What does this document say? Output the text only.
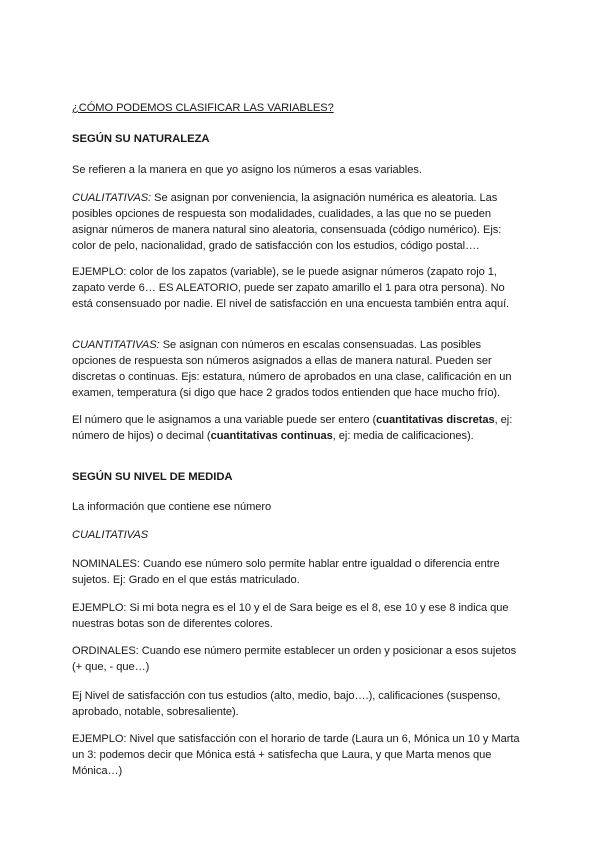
¿CÓMO PODEMOS CLASIFICAR LAS VARIABLES?
SEGÚN SU NATURALEZA
Se refieren a la manera en que yo asigno los números a esas variables.
CUALITATIVAS: Se asignan por conveniencia, la asignación numérica es aleatoria. Las
posibles opciones de respuesta son modalidades, cualidades, a las que no se pueden
asignar números de manera natural sino aleatoria, consensuada (código numérico). Ejs:
color de pelo, nacionalidad, grado de satisfacción con los estudios, código postal….
EJEMPLO: color de los zapatos (variable), se le puede asignar números (zapato rojo 1,
zapato verde 6… ES ALEATORIO, puede ser zapato amarillo el 1 para otra persona). No
está consensuado por nadie. El nivel de satisfacción en una encuesta también entra aquí.
CUANTITATIVAS: Se asignan con números en escalas consensuadas. Las posibles
opciones de respuesta son números asignados a ellas de manera natural. Pueden ser
discretas o continuas. Ejs: estatura, número de aprobados en una clase, calificación en un
examen, temperatura (si digo que hace 2 grados todos entienden que hace mucho frío).
El número que le asignamos a una variable puede ser entero (cuantitativas discretas, ej:
número de hijos) o decimal (cuantitativas continuas, ej: media de calificaciones).
SEGÚN SU NIVEL DE MEDIDA
La información que contiene ese número
CUALITATIVAS
NOMINALES: Cuando ese número solo permite hablar entre igualdad o diferencia entre
sujetos. Ej: Grado en el que estás matriculado.
EJEMPLO: Si mi bota negra es el 10 y el de Sara beige es el 8, ese 10 y ese 8 indica que
nuestras botas son de diferentes colores.
ORDINALES: Cuando ese número permite establecer un orden y posicionar a esos sujetos
(+ que, - que…)
Ej Nivel de satisfacción con tus estudios (alto, medio, bajo….), calificaciones (suspenso,
aprobado, notable, sobresaliente).
EJEMPLO: Nivel que satisfacción con el horario de tarde (Laura un 6, Mónica un 10 y Marta
un 3: podemos decir que Mónica está + satisfecha que Laura, y que Marta menos que
Mónica…)
